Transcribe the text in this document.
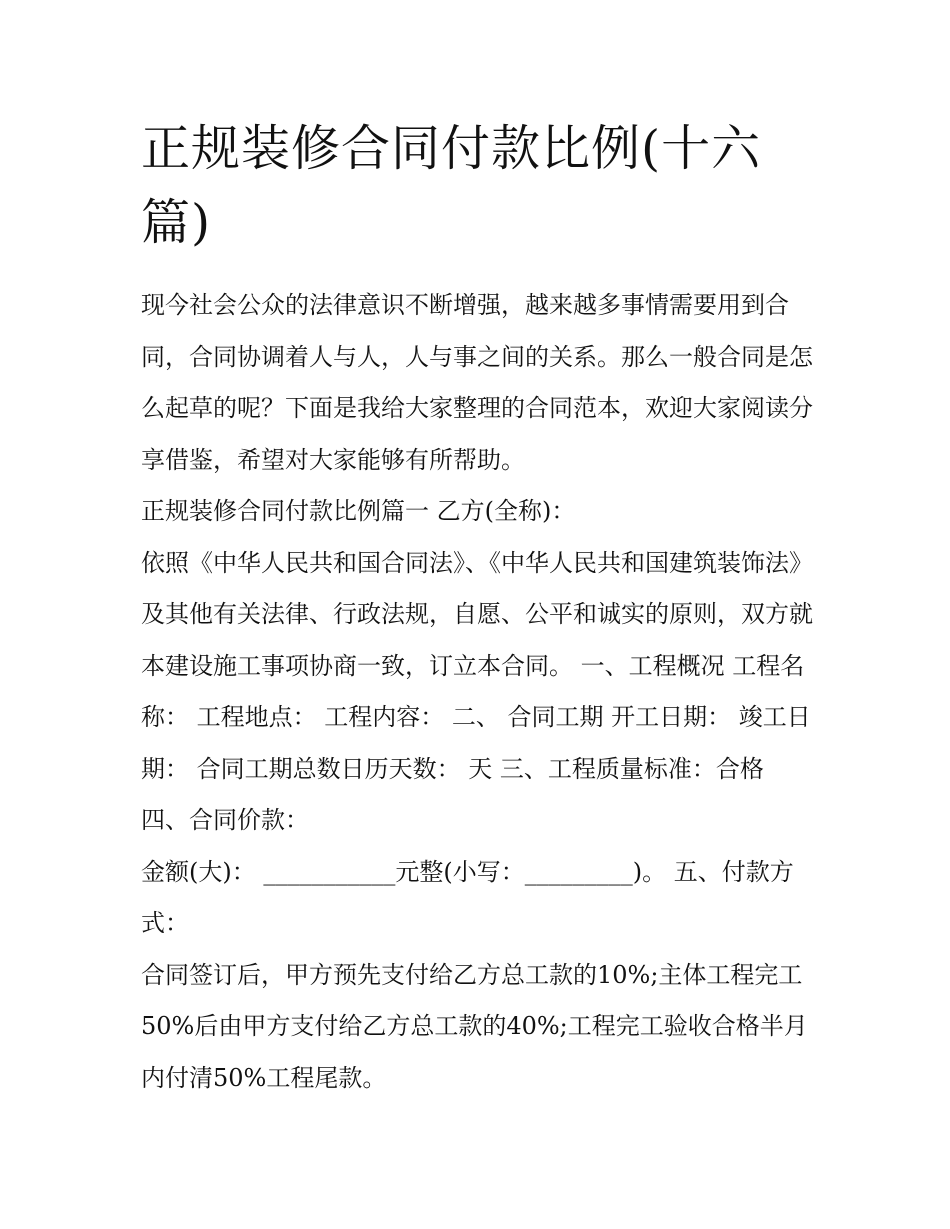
正规装修合同付款比例(十六篇)

现今社会公众的法律意识不断增强，越来越多事情需要用到合同，合同协调着人与人，人与事之间的关系。那么一般合同是怎么起草的呢？下面是我给大家整理的合同范本，欢迎大家阅读分享借鉴，希望对大家能够有所帮助。

正规装修合同付款比例篇一 乙方(全称)：

依照《中华人民共和国合同法》、《中华人民共和国建筑装饰法》及其他有关法律、行政法规，自愿、公平和诚实的原则，双方就本建设施工事项协商一致，订立本合同。 一、工程概况 工程名称： 工程地点： 工程内容： 二、 合同工期 开工日期： 竣工日期： 合同工期总数日历天数： 天 三、工程质量标准：合格 四、合同价款：

金额(大)： ___________元整(小写：_________)。 五、付款方式：

合同签订后，甲方预先支付给乙方总工款的10%;主体工程完工 50%后由甲方支付给乙方总工款的40%;工程完工验收合格半月内付清50%工程尾款。
